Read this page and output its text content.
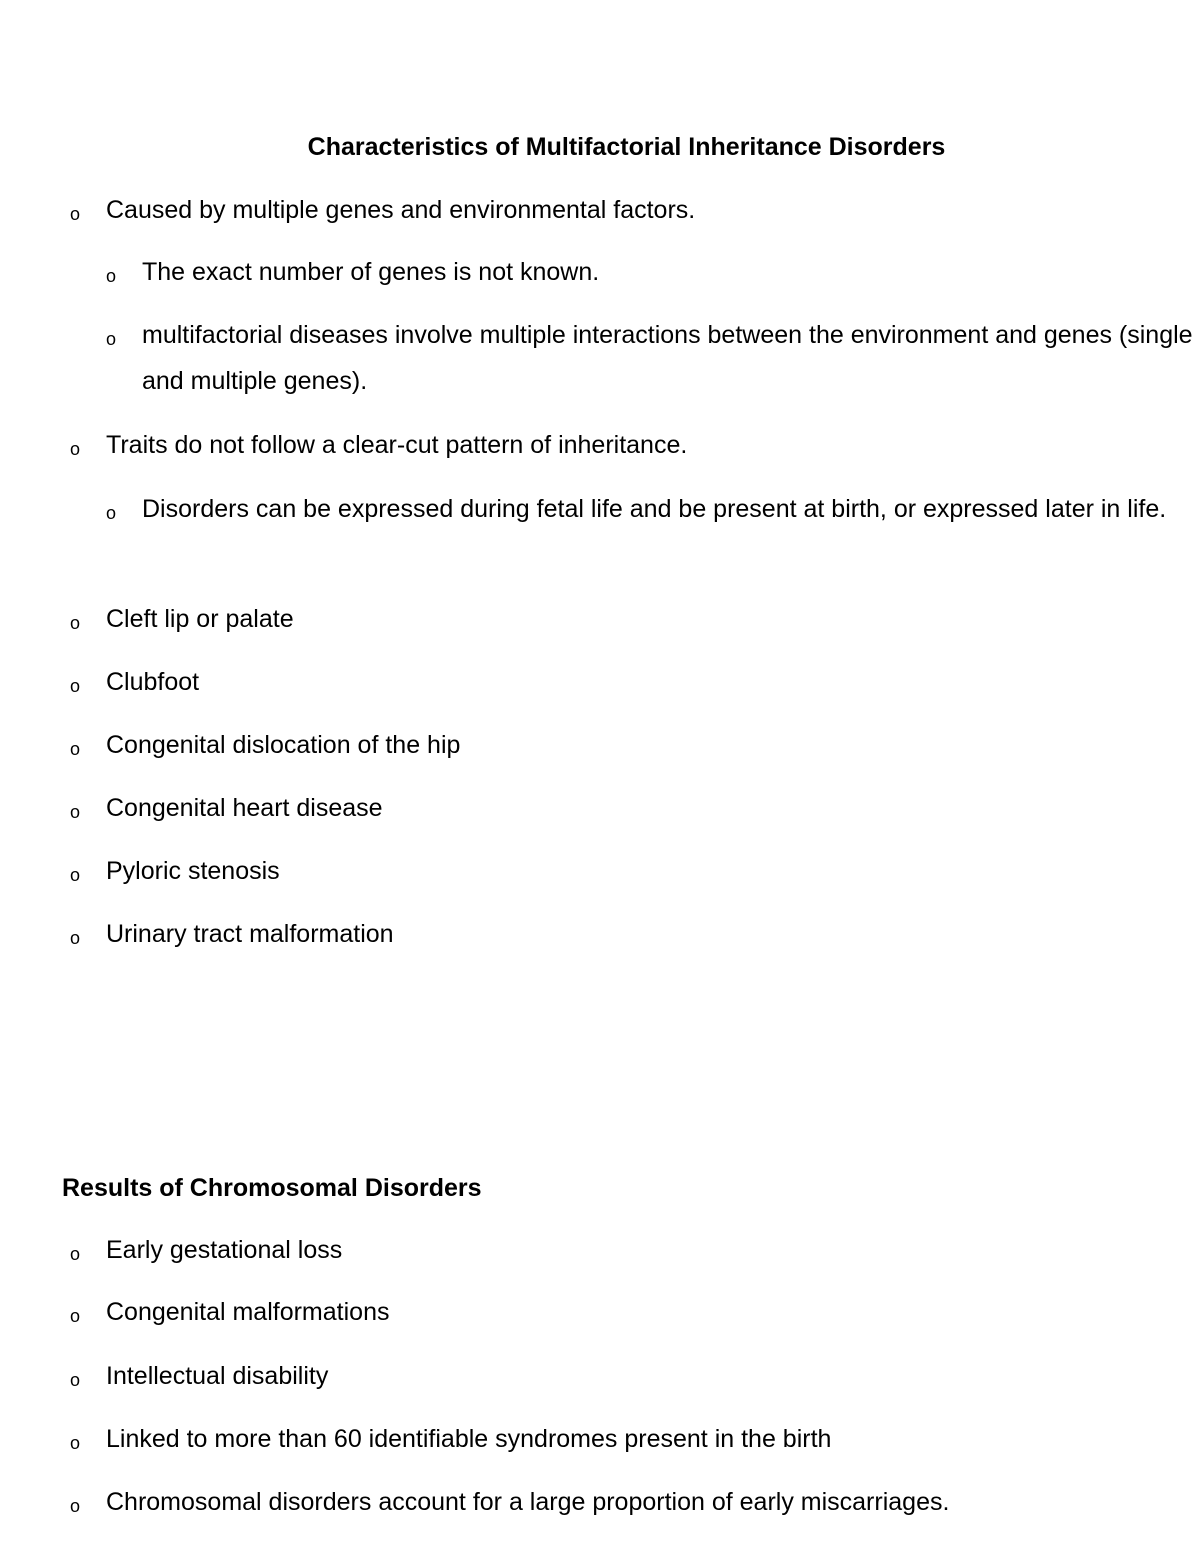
Characteristics of Multifactorial Inheritance Disorders
o Caused by multiple genes and environmental factors.
o The exact number of genes is not known.
o multifactorial diseases involve multiple interactions between the environment and genes (single and multiple genes).
o Traits do not follow a clear-cut pattern of inheritance.
o Disorders can be expressed during fetal life and be present at birth, or expressed later in life.
o Cleft lip or palate
o Clubfoot
o Congenital dislocation of the hip
o Congenital heart disease
o Pyloric stenosis
o Urinary tract malformation
Results of Chromosomal Disorders
o Early gestational loss
o Congenital malformations
o Intellectual disability
o Linked to more than 60 identifiable syndromes present in the birth
o Chromosomal disorders account for a large proportion of early miscarriages.
